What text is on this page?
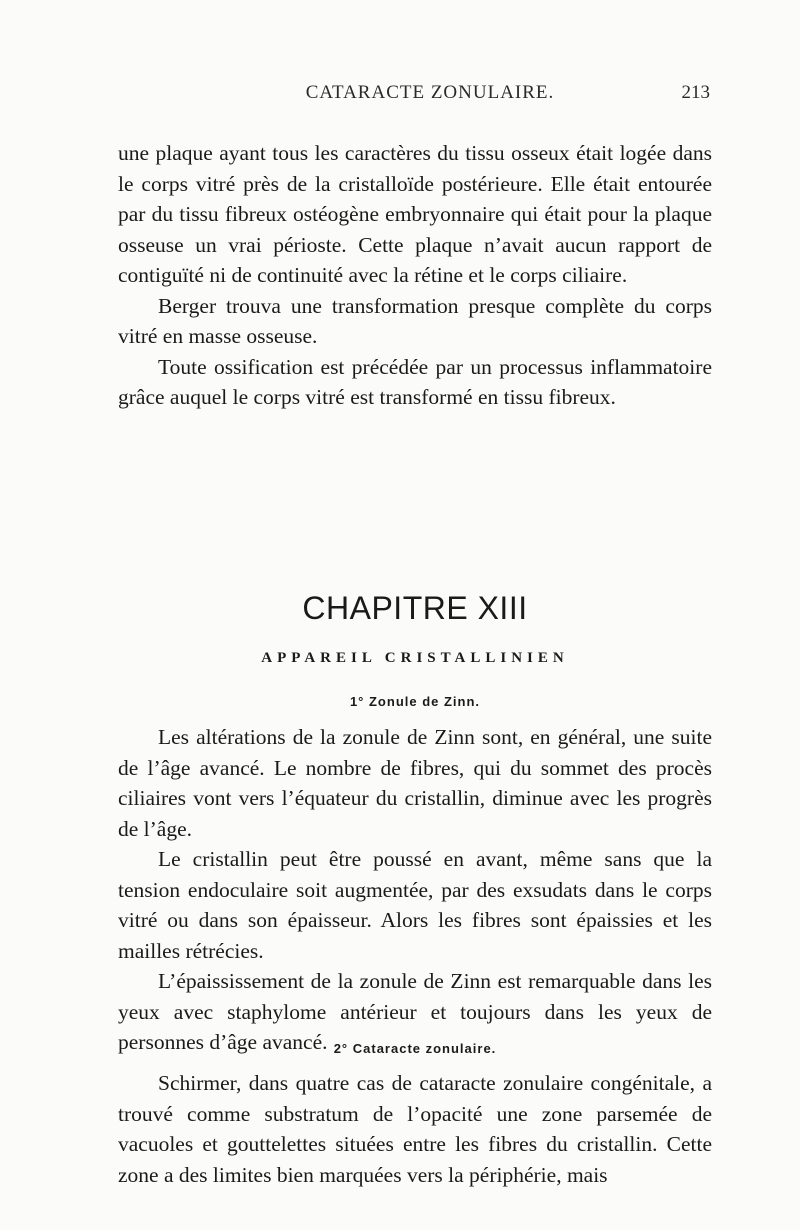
CATARACTE ZONULAIRE.	213

une plaque ayant tous les caractères du tissu osseux était logée dans le corps vitré près de la cristalloïde postérieure. Elle était entourée par du tissu fibreux ostéogène embryonnaire qui était pour la plaque osseuse un vrai périoste. Cette plaque n’avait aucun rapport de contiguïté ni de continuité avec la rétine et le corps ciliaire.

Berger trouva une transformation presque complète du corps vitré en masse osseuse.

Toute ossification est précédée par un processus inflammatoire grâce auquel le corps vitré est transformé en tissu fibreux.

CHAPITRE XIII
APPAREIL CRISTALLINIEN
1° Zonule de Zinn.

Les altérations de la zonule de Zinn sont, en général, une suite de l’âge avancé. Le nombre de fibres, qui du sommet des procès ciliaires vont vers l’équateur du cristallin, diminue avec les progrès de l’âge.

Le cristallin peut être poussé en avant, même sans que la tension endoculaire soit augmentée, par des exsudats dans le corps vitré ou dans son épaisseur. Alors les fibres sont épaissies et les mailles rétrécies.

L’épaississement de la zonule de Zinn est remarquable dans les yeux avec staphylome antérieur et toujours dans les yeux de personnes d’âge avancé. 2° Cataracte zonulaire.

Schirmer, dans quatre cas de cataracte zonulaire congénitale, a trouvé comme substratum de l’opacité une zone parsemée de vacuoles et gouttelettes situées entre les fibres du cristallin. Cette zone a des limites bien marquées vers la périphérie, mais
